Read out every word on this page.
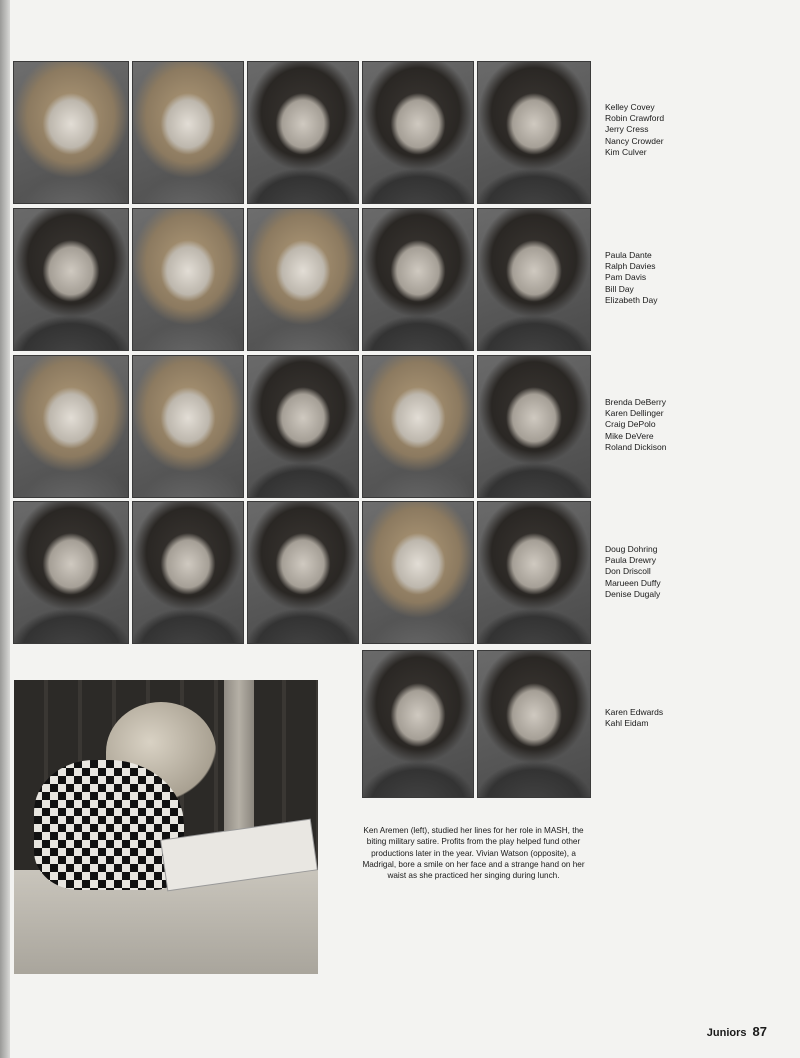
Kelley Covey
Robin Crawford
Jerry Cress
Nancy Crowder
Kim Culver
Paula Dante
Ralph Davies
Pam Davis
Bill Day
Elizabeth Day
Brenda DeBerry
Karen Dellinger
Craig DePolo
Mike DeVere
Roland Dickison
Doug Dohring
Paula Drewry
Don Driscoll
Marueen Duffy
Denise Dugaly
Karen Edwards
Kahl Eidam
Ken Aremen (left), studied her lines for her role in MASH, the biting military satire. Profits from the play helped fund other productions later in the year. Vivian Watson (opposite), a Madrigal, bore a smile on her face and a strange hand on her waist as she practiced her singing during lunch.
Juniors 87
